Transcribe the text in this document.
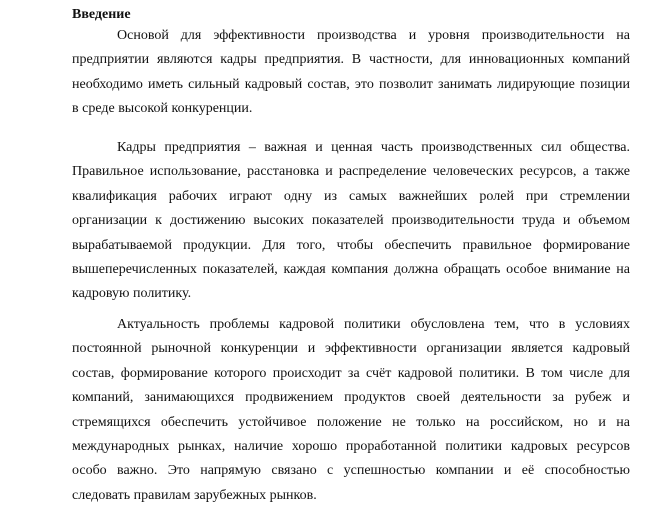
Введение
Основой для эффективности производства и уровня производительности на
предприятии являются кадры предприятия. В частности, для инновационных компаний
необходимо иметь сильный кадровый состав, это позволит занимать лидирующие позиции
в среде высокой конкуренции.
Кадры предприятия – важная и ценная часть производственных сил общества.
Правильное использование, расстановка и распределение человеческих ресурсов, а также
квалификация рабочих играют одну из самых важнейших ролей при стремлении
организации к достижению высоких показателей производительности труда и объемом
вырабатываемой продукции. Для того, чтобы обеспечить правильное формирование
вышеперечисленных показателей, каждая компания должна обращать особое внимание на
кадровую политику.
Актуальность проблемы кадровой политики обусловлена тем, что в условиях
постоянной рыночной конкуренции и эффективности организации является кадровый
состав, формирование которого происходит за счёт кадровой политики. В том числе для
компаний, занимающихся продвижением продуктов своей деятельности за рубеж и
стремящихся обеспечить устойчивое положение не только на российском, но и на
международных рынках, наличие хорошо проработанной политики кадровых ресурсов
особо важно. Это напрямую связано с успешностью компании и её способностью
следовать правилам зарубежных рынков.
